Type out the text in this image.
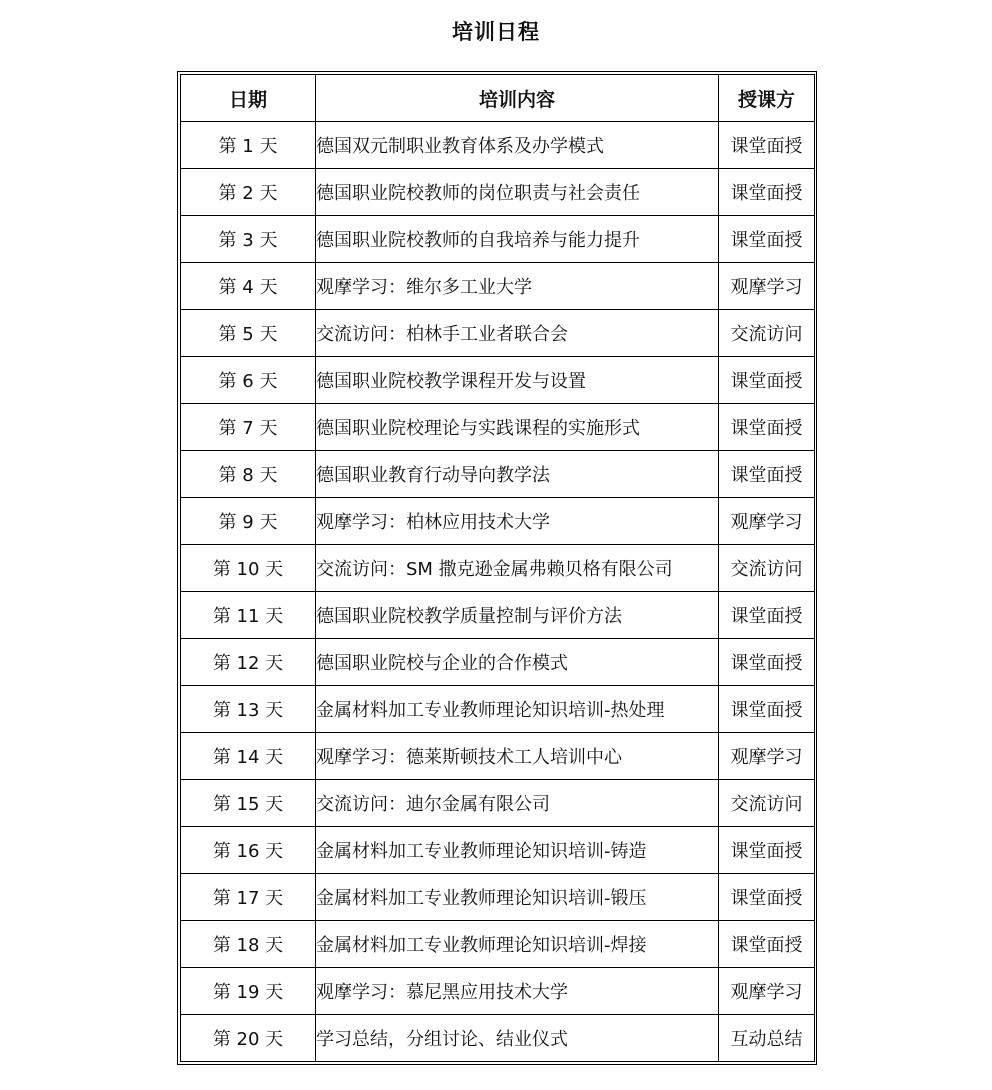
培训日程
日期	培训内容	授课方
第 1 天	德国双元制职业教育体系及办学模式	课堂面授
第 2 天	德国职业院校教师的岗位职责与社会责任	课堂面授
第 3 天	德国职业院校教师的自我培养与能力提升	课堂面授
第 4 天	观摩学习：维尔多工业大学	观摩学习
第 5 天	交流访问：柏林手工业者联合会	交流访问
第 6 天	德国职业院校教学课程开发与设置	课堂面授
第 7 天	德国职业院校理论与实践课程的实施形式	课堂面授
第 8 天	德国职业教育行动导向教学法	课堂面授
第 9 天	观摩学习：柏林应用技术大学	观摩学习
第 10 天	交流访问：SM 撒克逊金属弗赖贝格有限公司	交流访问
第 11 天	德国职业院校教学质量控制与评价方法	课堂面授
第 12 天	德国职业院校与企业的合作模式	课堂面授
第 13 天	金属材料加工专业教师理论知识培训-热处理	课堂面授
第 14 天	观摩学习：德莱斯顿技术工人培训中心	观摩学习
第 15 天	交流访问：迪尔金属有限公司	交流访问
第 16 天	金属材料加工专业教师理论知识培训-铸造	课堂面授
第 17 天	金属材料加工专业教师理论知识培训-锻压	课堂面授
第 18 天	金属材料加工专业教师理论知识培训-焊接	课堂面授
第 19 天	观摩学习：慕尼黑应用技术大学	观摩学习
第 20 天	学习总结，分组讨论、结业仪式	互动总结
